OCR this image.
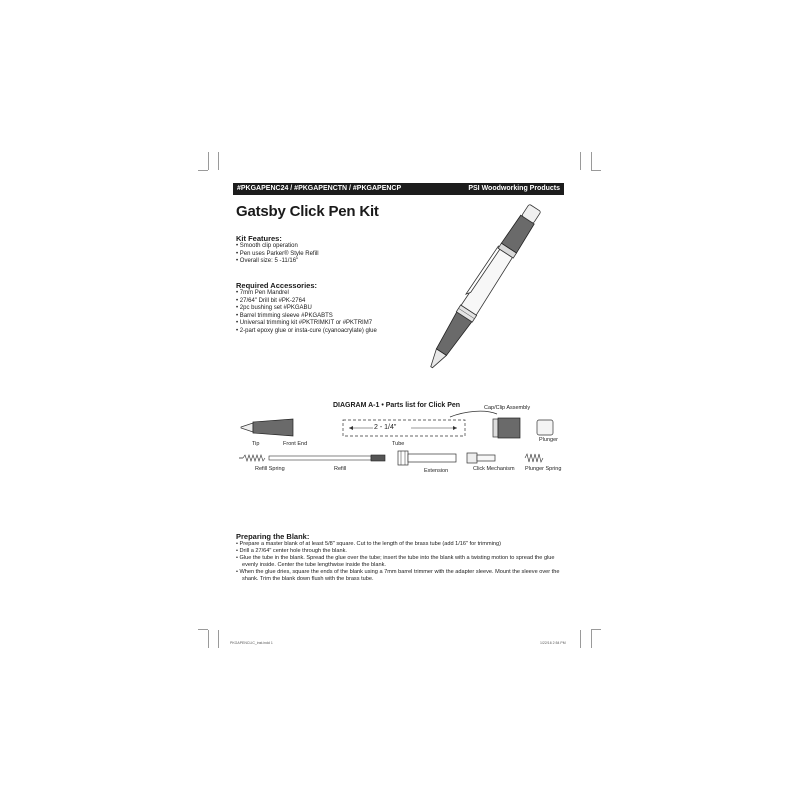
#PKGAPENC24 / #PKGAPENCTN / #PKGAPENCP	PSI Woodworking Products
Gatsby Click Pen Kit
Kit Features:
• Smooth clip operation
• Pen uses Parker® Style Refill
• Overall size: 5 -11/16"
Required Accessories:
• 7mm Pen Mandrel
• 27/64" Drill bit #PK-2764
• 2pc bushing set #PKGABU
• Barrel trimming sleeve #PKGABTS
• Universal trimming kit #PKTRIMKIT or #PKTRIM7
• 2-part epoxy glue or insta-cure (cyanoacrylate) glue
DIAGRAM A-1 • Parts list for Click Pen
2 - 1/4"
Cap/Clip Assembly
Tip	Front End	Tube
Plunger
Refill Spring	Refill	Extension	Click Mechanism Plunger Spring
Preparing the Blank:
• Prepare a master blank of at least 5/8" square. Cut to the length of the brass tube (add 1/16" for trimming)
• Drill a 27/64" center hole through the blank.
• Glue the tube in the blank. Spread the glue over the tube; insert the tube into the blank with a twisting motion to spread the glue evenly inside. Center the tube lengthwise inside the blank.
• When the glue dries, square the ends of the blank using a 7mm barrel trimmer with the adapter sleeve. Mount the sleeve over the shank. Trim the blank down flush with the brass tube.
PKGAPENCLIC_inst.indd 1	1/22/16 2:54 PM
